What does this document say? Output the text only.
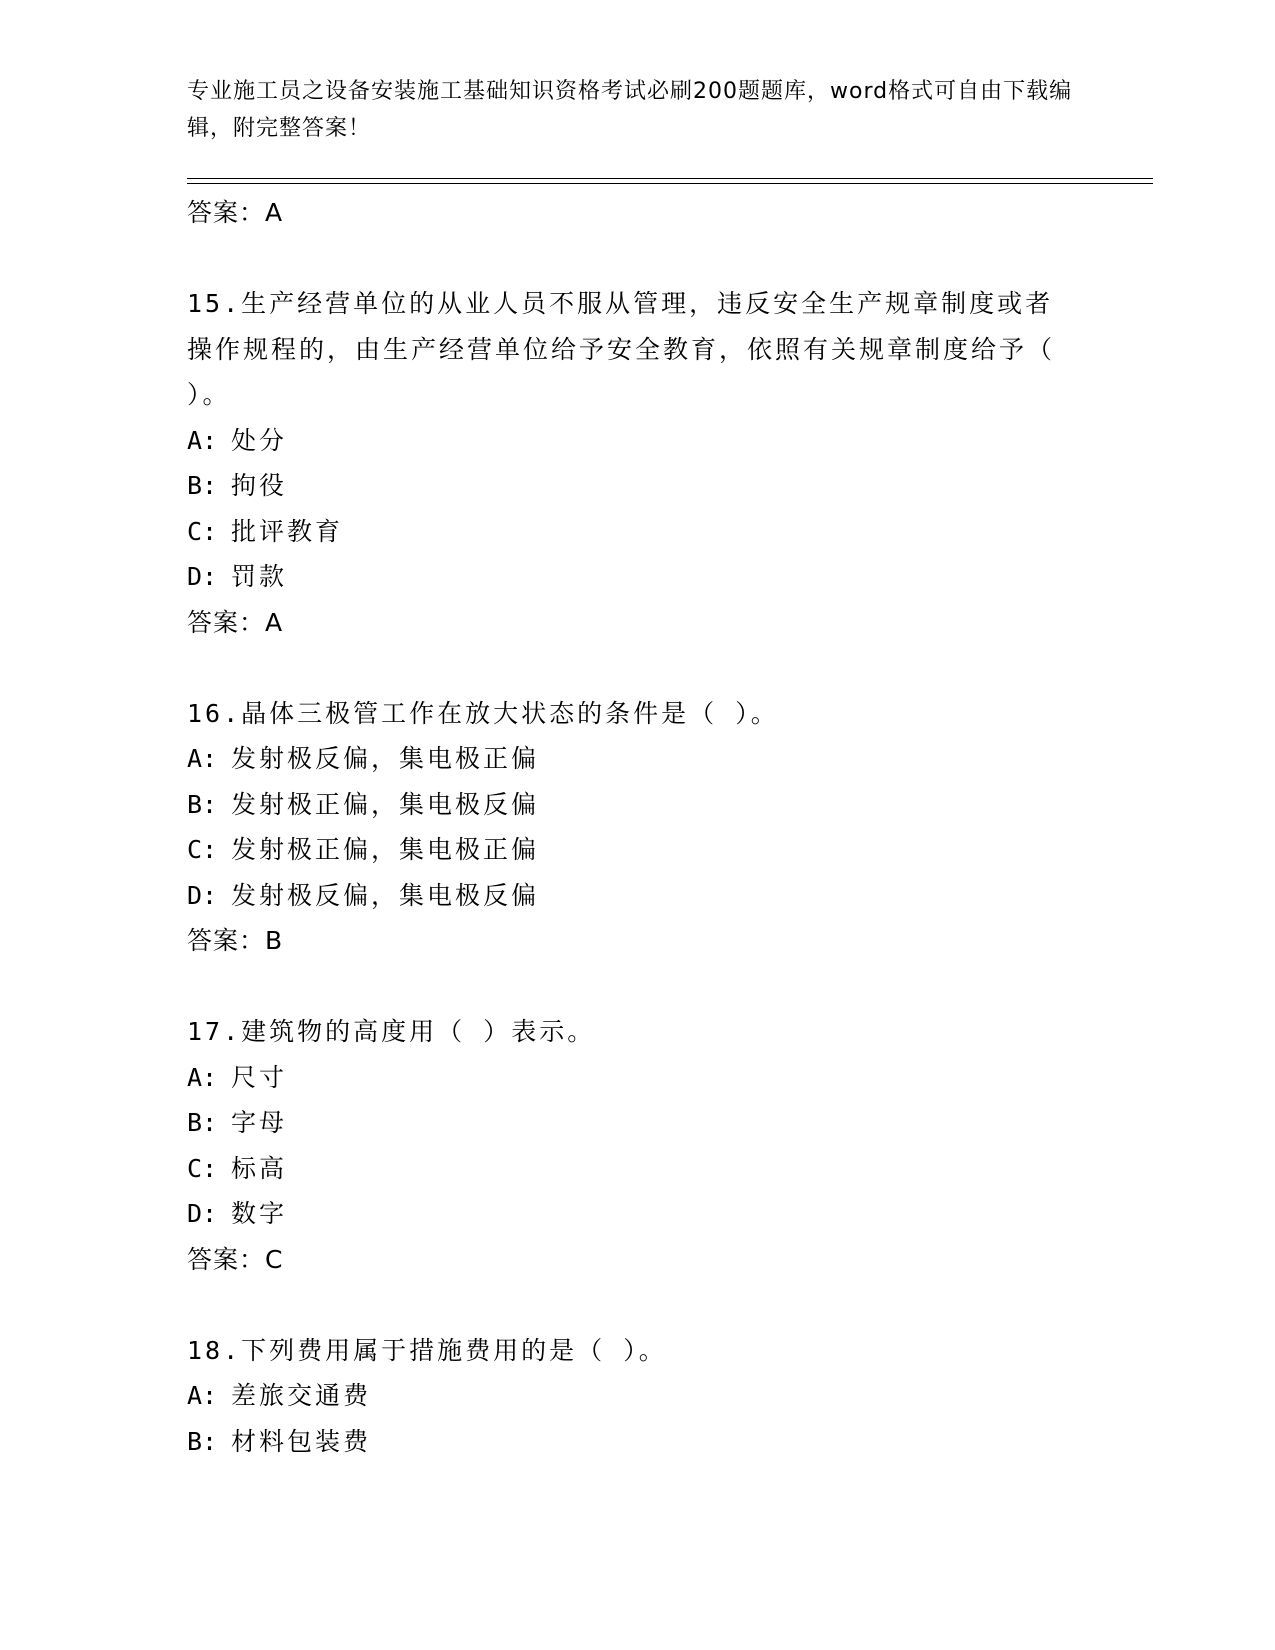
专业施工员之设备安装施工基础知识资格考试必刷200题题库，word格式可自由下载编辑，附完整答案！
答案：A
15.生产经营单位的从业人员不服从管理，违反安全生产规章制度或者操作规程的，由生产经营单位给予安全教育，依照有关规章制度给予（ ）。
A: 处分
B: 拘役
C: 批评教育
D: 罚款
答案：A
16.晶体三极管工作在放大状态的条件是（ ）。
A: 发射极反偏，集电极正偏
B: 发射极正偏，集电极反偏
C: 发射极正偏，集电极正偏
D: 发射极反偏，集电极反偏
答案：B
17.建筑物的高度用（ ）表示。
A: 尺寸
B: 字母
C: 标高
D: 数字
答案：C
18.下列费用属于措施费用的是（ ）。
A: 差旅交通费
B: 材料包装费
